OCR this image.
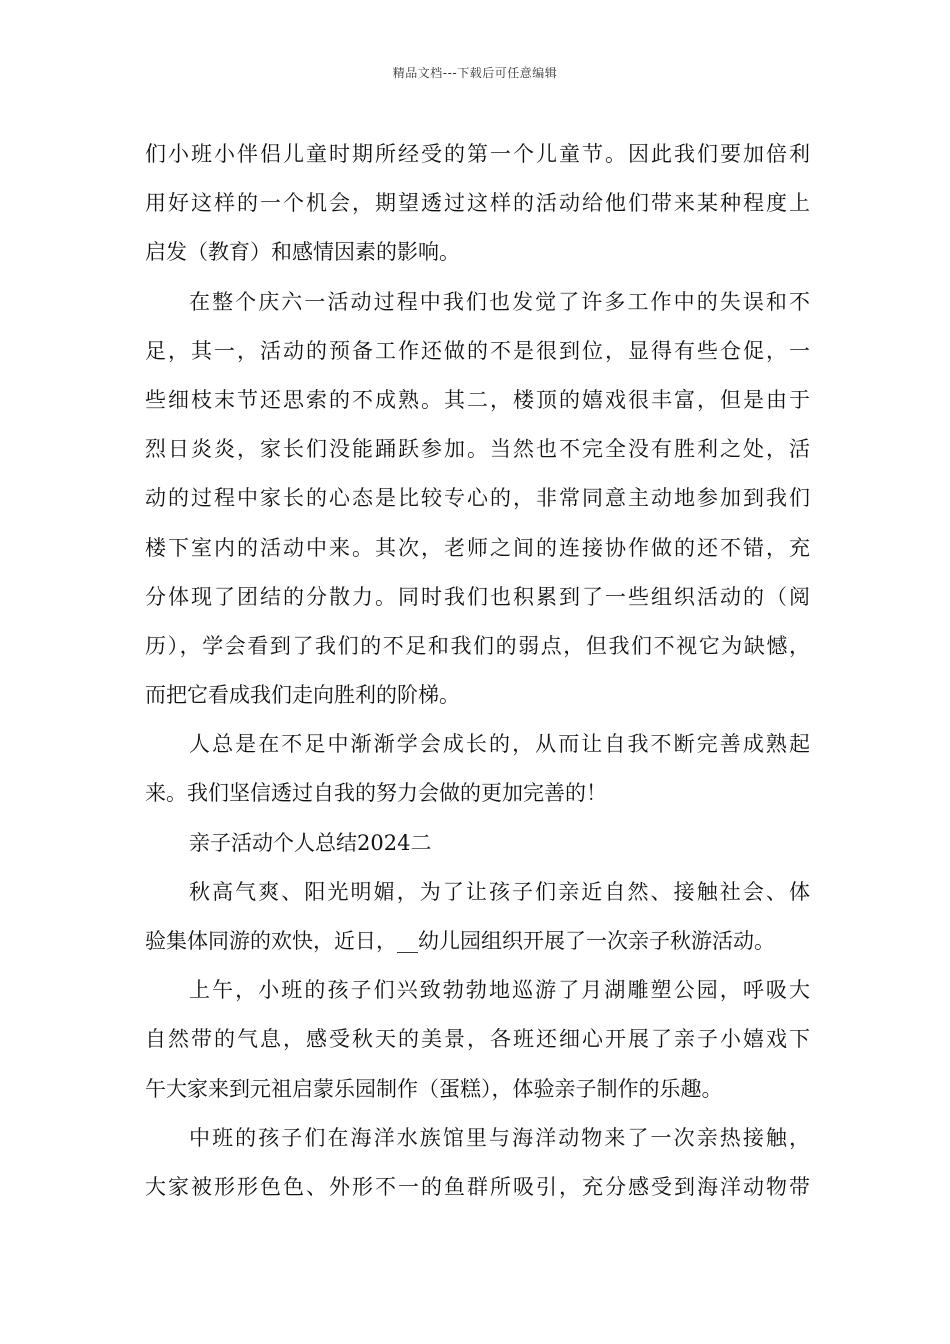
精品文档---下载后可任意编辑
们小班小伴侣儿童时期所经受的第一个儿童节。因此我们要加倍利
用好这样的一个机会，期望透过这样的活动给他们带来某种程度上
启发（教育）和感情因素的影响。
在整个庆六一活动过程中我们也发觉了许多工作中的失误和不
足，其一，活动的预备工作还做的不是很到位，显得有些仓促，一
些细枝末节还思索的不成熟。其二，楼顶的嬉戏很丰富，但是由于
烈日炎炎，家长们没能踊跃参加。当然也不完全没有胜利之处，活
动的过程中家长的心态是比较专心的，非常同意主动地参加到我们
楼下室内的活动中来。其次，老师之间的连接协作做的还不错，充
分体现了团结的分散力。同时我们也积累到了一些组织活动的（阅
历），学会看到了我们的不足和我们的弱点，但我们不视它为缺憾，
而把它看成我们走向胜利的阶梯。
人总是在不足中渐渐学会成长的，从而让自我不断完善成熟起
来。我们坚信透过自我的努力会做的更加完善的！
亲子活动个人总结2024二
秋高气爽、阳光明媚，为了让孩子们亲近自然、接触社会、体
验集体同游的欢快，近日，__幼儿园组织开展了一次亲子秋游活动。
上午，小班的孩子们兴致勃勃地巡游了月湖雕塑公园，呼吸大
自然带的气息，感受秋天的美景，各班还细心开展了亲子小嬉戏下
午大家来到元祖启蒙乐园制作（蛋糕），体验亲子制作的乐趣。
中班的孩子们在海洋水族馆里与海洋动物来了一次亲热接触，
大家被形形色色、外形不一的鱼群所吸引，充分感受到海洋动物带
